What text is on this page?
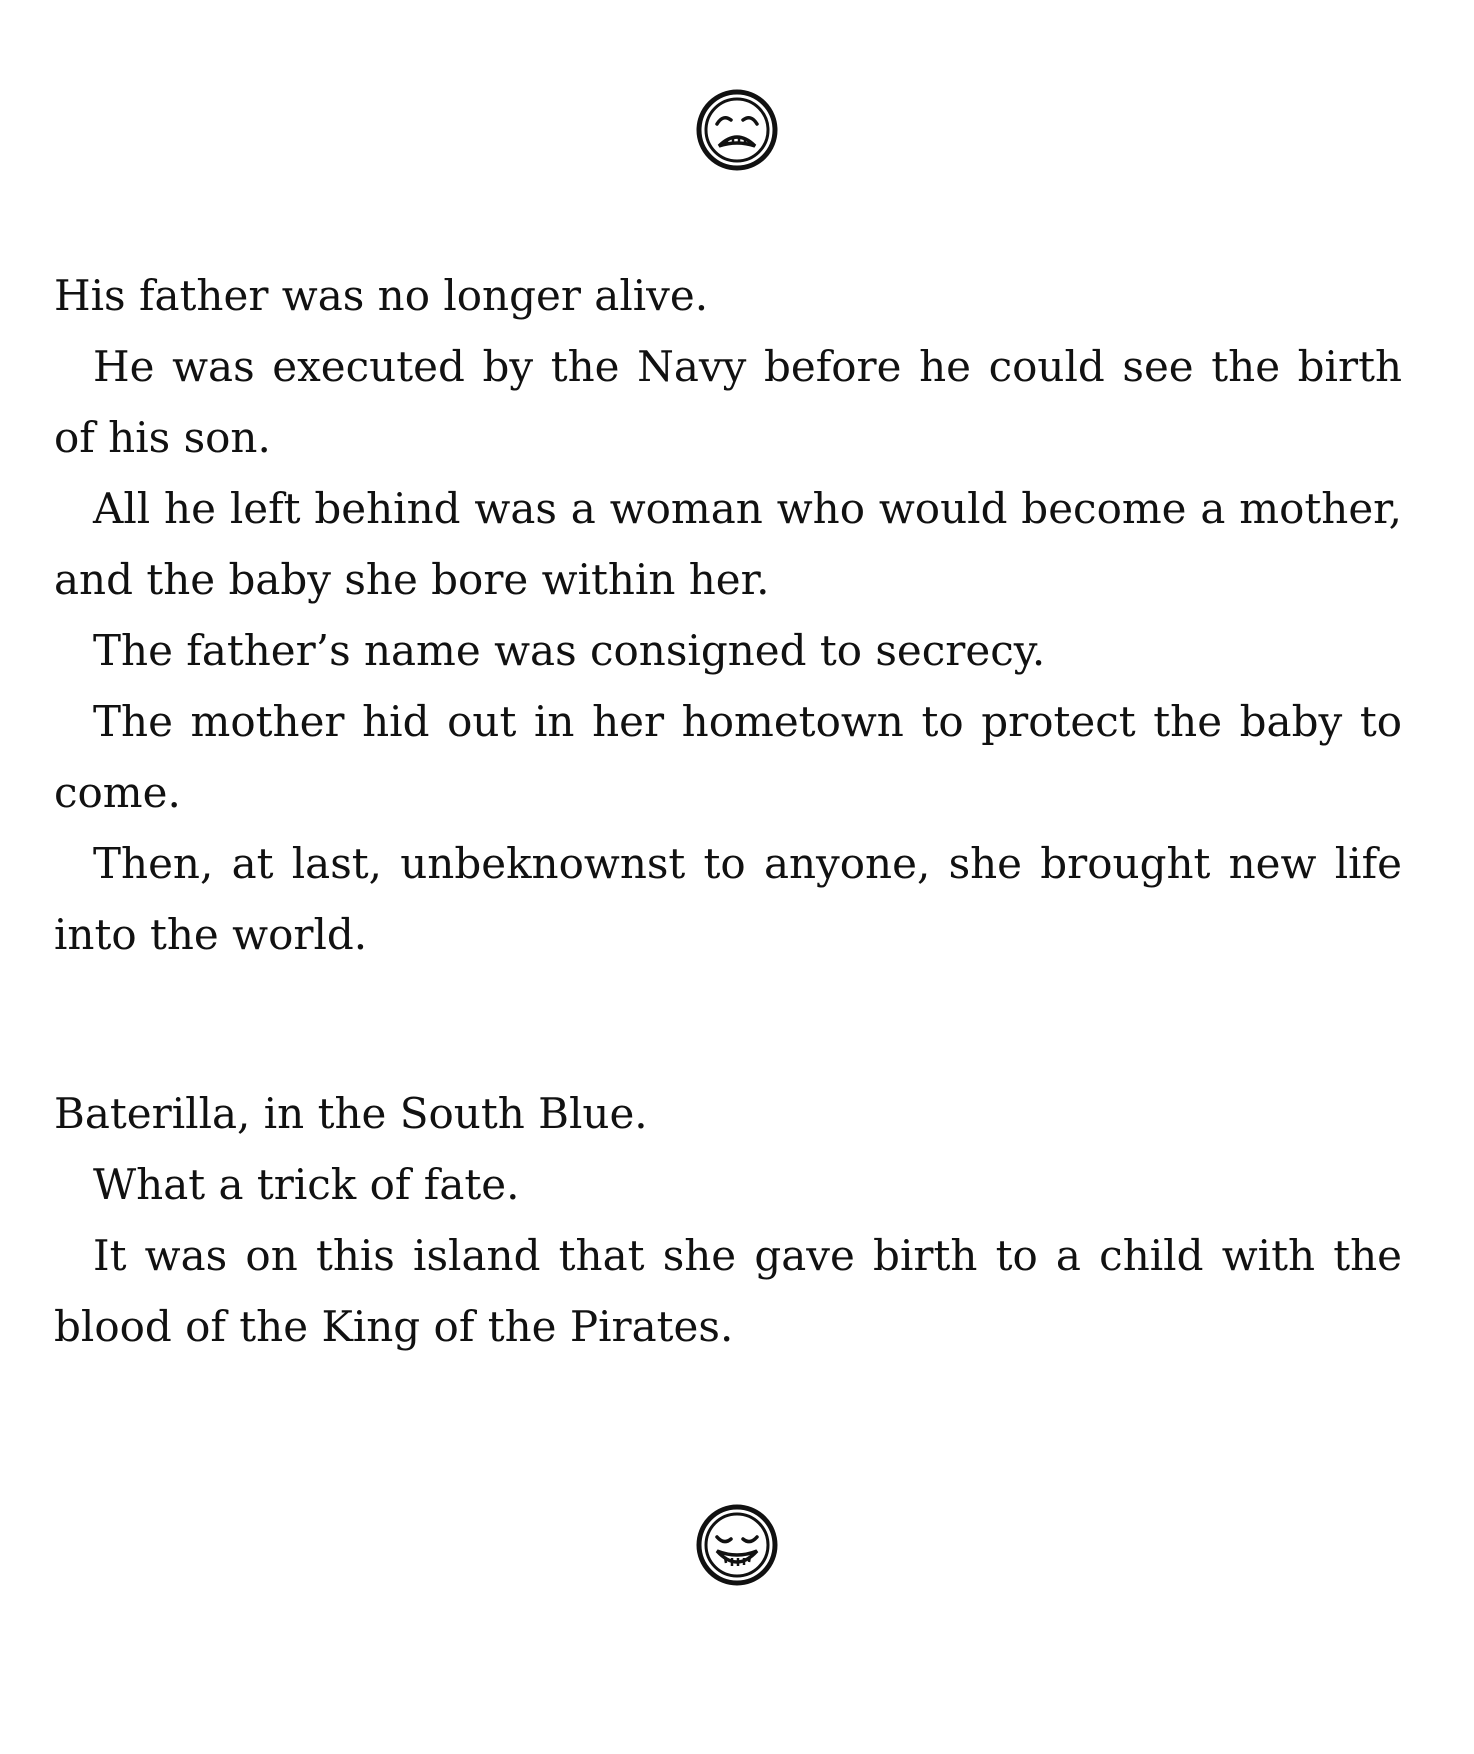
His father was no longer alive.

He was executed by the Navy before he could see the birth of his son.

All he left behind was a woman who would become a mother, and the baby she bore within her.

The father’s name was consigned to secrecy.

The mother hid out in her hometown to protect the baby to come.

Then, at last, unbeknownst to anyone, she brought new life into the world.

Baterilla, in the South Blue.

What a trick of fate.

It was on this island that she gave birth to a child with the blood of the King of the Pirates.
